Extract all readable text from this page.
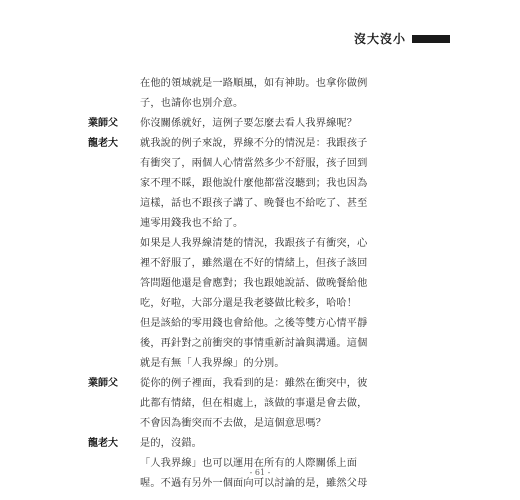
沒大沒小
在他的領域就是一路順風，如有神助。也拿你做例
子，也請你也別介意。
業師父	你沒關係就好，這例子要怎麼去看人我界線呢？
龍老大	就我說的例子來說，界線不分的情況是：我跟孩子
有衝突了，兩個人心情當然多少不舒服，孩子回到
家不理不睬，跟他說什麼他都當沒聽到；我也因為
這樣，話也不跟孩子講了、晚餐也不給吃了、甚至
連零用錢我也不給了。
如果是人我界線清楚的情況，我跟孩子有衝突，心
裡不舒服了，雖然還在不好的情緒上，但孩子該回
答問題他還是會應對；我也跟她說話、做晚餐給他
吃，好啦，大部分還是我老婆做比較多，哈哈！
但是該給的零用錢也會給他。之後等雙方心情平靜
後，再針對之前衝突的事情重新討論與溝通。這個
就是有無「人我界線」的分別。
業師父	從你的例子裡面，我看到的是：雖然在衝突中，彼
此都有情緒，但在相處上，該做的事還是會去做，
不會因為衝突而不去做，是這個意思嗎？
龍老大	是的，沒錯。
「人我界線」也可以運用在所有的人際關係上面
喔。不過有另外一個面向可以討論的是，雖然父母
- 61 -
